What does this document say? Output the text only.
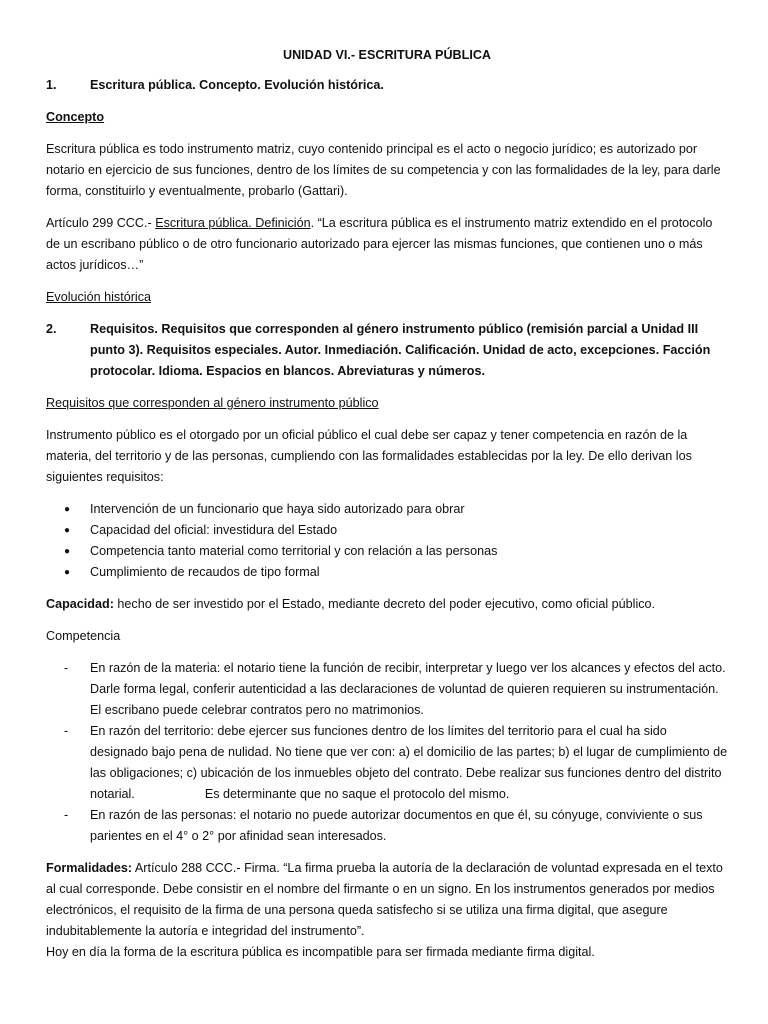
UNIDAD VI.- ESCRITURA PÚBLICA
1.	Escritura pública. Concepto. Evolución histórica.
Concepto
Escritura pública es todo instrumento matriz, cuyo contenido principal es el acto o negocio jurídico; es autorizado por notario en ejercicio de sus funciones, dentro de los límites de su competencia y con las formalidades de la ley, para darle forma, constituirlo y eventualmente, probarlo (Gattari).
Artículo 299 CCC.- Escritura pública. Definición. “La escritura pública es el instrumento matriz extendido en el protocolo de un escribano público o de otro funcionario autorizado para ejercer las mismas funciones, que contienen uno o más actos jurídicos…”
Evolución histórica
2.	Requisitos. Requisitos que corresponden al género instrumento público (remisión parcial a Unidad III punto 3). Requisitos especiales. Autor. Inmediación. Calificación. Unidad de acto, excepciones. Facción protocolar. Idioma. Espacios en blancos. Abreviaturas y números.
Requisitos que corresponden al género instrumento público
Instrumento público es el otorgado por un oficial público el cual debe ser capaz y tener competencia en razón de la materia, del territorio y de las personas, cumpliendo con las formalidades establecidas por la ley. De ello derivan los siguientes requisitos:
●	Intervención de un funcionario que haya sido autorizado para obrar
●	Capacidad del oficial: investidura del Estado
●	Competencia tanto material como territorial y con relación a las personas
●	Cumplimiento de recaudos de tipo formal
Capacidad: hecho de ser investido por el Estado, mediante decreto del poder ejecutivo, como oficial público.
Competencia
-	En razón de la materia: el notario tiene la función de recibir, interpretar y luego ver los alcances y efectos del acto. Darle forma legal, conferir autenticidad a las declaraciones de voluntad de quieren requieren su instrumentación. El escribano puede celebrar contratos pero no matrimonios.
-	En razón del territorio: debe ejercer sus funciones dentro de los límites del territorio para el cual ha sido designado bajo pena de nulidad. No tiene que ver con: a) el domicilio de las partes; b) el lugar de cumplimiento de las obligaciones; c) ubicación de los inmuebles objeto del contrato. Debe realizar sus funciones dentro del distrito notarial.	Es determinante que no saque el protocolo del mismo.
-	En razón de las personas: el notario no puede autorizar documentos en que él, su cónyuge, conviviente o sus parientes en el 4° o 2° por afinidad sean interesados.
Formalidades: Artículo 288 CCC.- Firma. “La firma prueba la autoría de la declaración de voluntad expresada en el texto al cual corresponde. Debe consistir en el nombre del firmante o en un signo. En los instrumentos generados por medios electrónicos, el requisito de la firma de una persona queda satisfecho si se utiliza una firma digital, que asegure indubitablemente la autoría e integridad del instrumento”.
Hoy en día la forma de la escritura pública es incompatible para ser firmada mediante firma digital.
